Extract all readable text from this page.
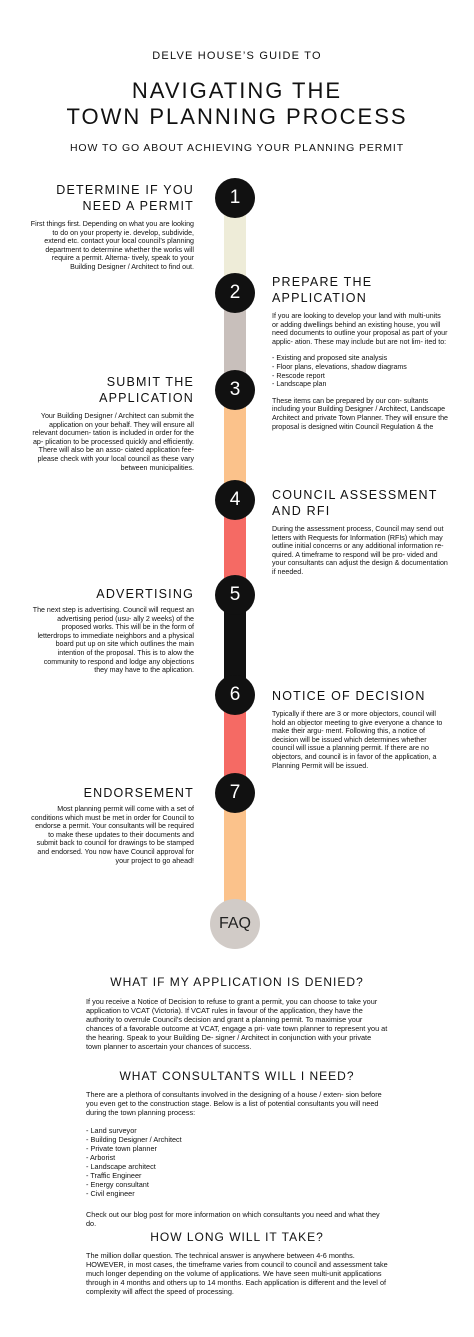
DELVE HOUSE’S GUIDE TO
NAVIGATING THE
TOWN PLANNING PROCESS
HOW TO GO ABOUT ACHIEVING YOUR PLANNING PERMIT
1
2
3
4
5
6
7
FAQ
DETERMINE IF YOU
NEED A PERMIT
First things first. Depending on what you are looking to do on your property ie. develop, subdivide, extend etc. contact your local council’s planning department to determine whether the works will require a permit. Alterna- tively, speak to your Building Designer / Architect to find out.
PREPARE THE
APPLICATION
If you are looking to develop your land with multi-units or adding dwellings behind an existing house, you will need documents to outline your proposal as part of your applic- ation. These may include but are not lim- ited to:
- Existing and proposed site analysis
- Floor plans, elevations, shadow diagrams
- Rescode report
- Landscape plan
These items can be prepared by our con- sultants including your Building Designer / Architect, Landscape Architect and private Town Planner. They will ensure the proposal is designed witin Council Regulation & the
SUBMIT THE
APPLICATION
Your Building Designer / Architect can submit the application on your behalf. They will ensure all relevant documen- tation is included in order for the ap- plication to be processed quickly and efficiently. There will also be an asso- ciated application fee- please check with your local council as these vary between municipalities.
COUNCIL ASSESSMENT
AND RFI
During the assessment process, Council may send out letters with Requests for Information (RFIs) which may outline initial concerns or any additional information re- quired. A timeframe to respond will be pro- vided and your consultants can adjust the design & documentation if needed.
ADVERTISING
The next step is advertising. Council will request an advertising period (usu- ally 2 weeks) of the proposed works. This will be in the form of letterdrops to immediate neighbors and a physical board put up on site which outlines the main intention of the proposal. This is to alow the community to respond and lodge any objections they may have to the aplication.
NOTICE OF DECISION
Typically if there are 3 or more objectors, council will hold an objector meeting to give everyone a chance to make their argu- ment. Following this, a notice of decision will be issued which determines whether council will issue a planning permit. If there are no objectors, and council is in favor of the application, a Planning Permit will be issued.
ENDORSEMENT
Most planning permit will come with a set of conditions which must be met in order for Council to endorse a permit. Your consultants will be required to make these updates to their documents and submit back to council for drawings to be stamped and endorsed. You now have Council approval for your project to go ahead!
WHAT IF MY APPLICATION IS DENIED?
If you receive a Notice of Decision to refuse to grant a permit, you can choose to take your application to VCAT (Victoria). If VCAT rules in favour of the application, they have the authority to overrule Council’s decision and grant a planning permit. To maximise your chances of a favorable outcome at VCAT, engage a pri- vate town planner to represent you at the hearing. Speak to your Building De- signer / Architect in conjunction with your private town planner to ascertain your chances of success.
WHAT CONSULTANTS WILL I NEED?
There are a plethora of consultants involved in the designing of a house / exten- sion before you even get to the construction stage. Below is a list of potential consultants you will need during the town planning process:
- Land surveyor
- Building Designer / Architect
- Private town planner
- Arborist
- Landscape architect
- Traffic Engineer
- Energy consultant
- Civil engineer
Check out our blog post for more information on which consultants you need and what they do.
HOW LONG WILL IT TAKE?
The million dollar question. The technical answer is anywhere between 4-6 months. HOWEVER, in most cases, the timeframe varies from council to council and assessment take much longer depending on the volume of applications. We have seen multi-unit applications through in 4 months and others up to 14 months. Each application is different and the level of complexity will affect the speed of processing.
